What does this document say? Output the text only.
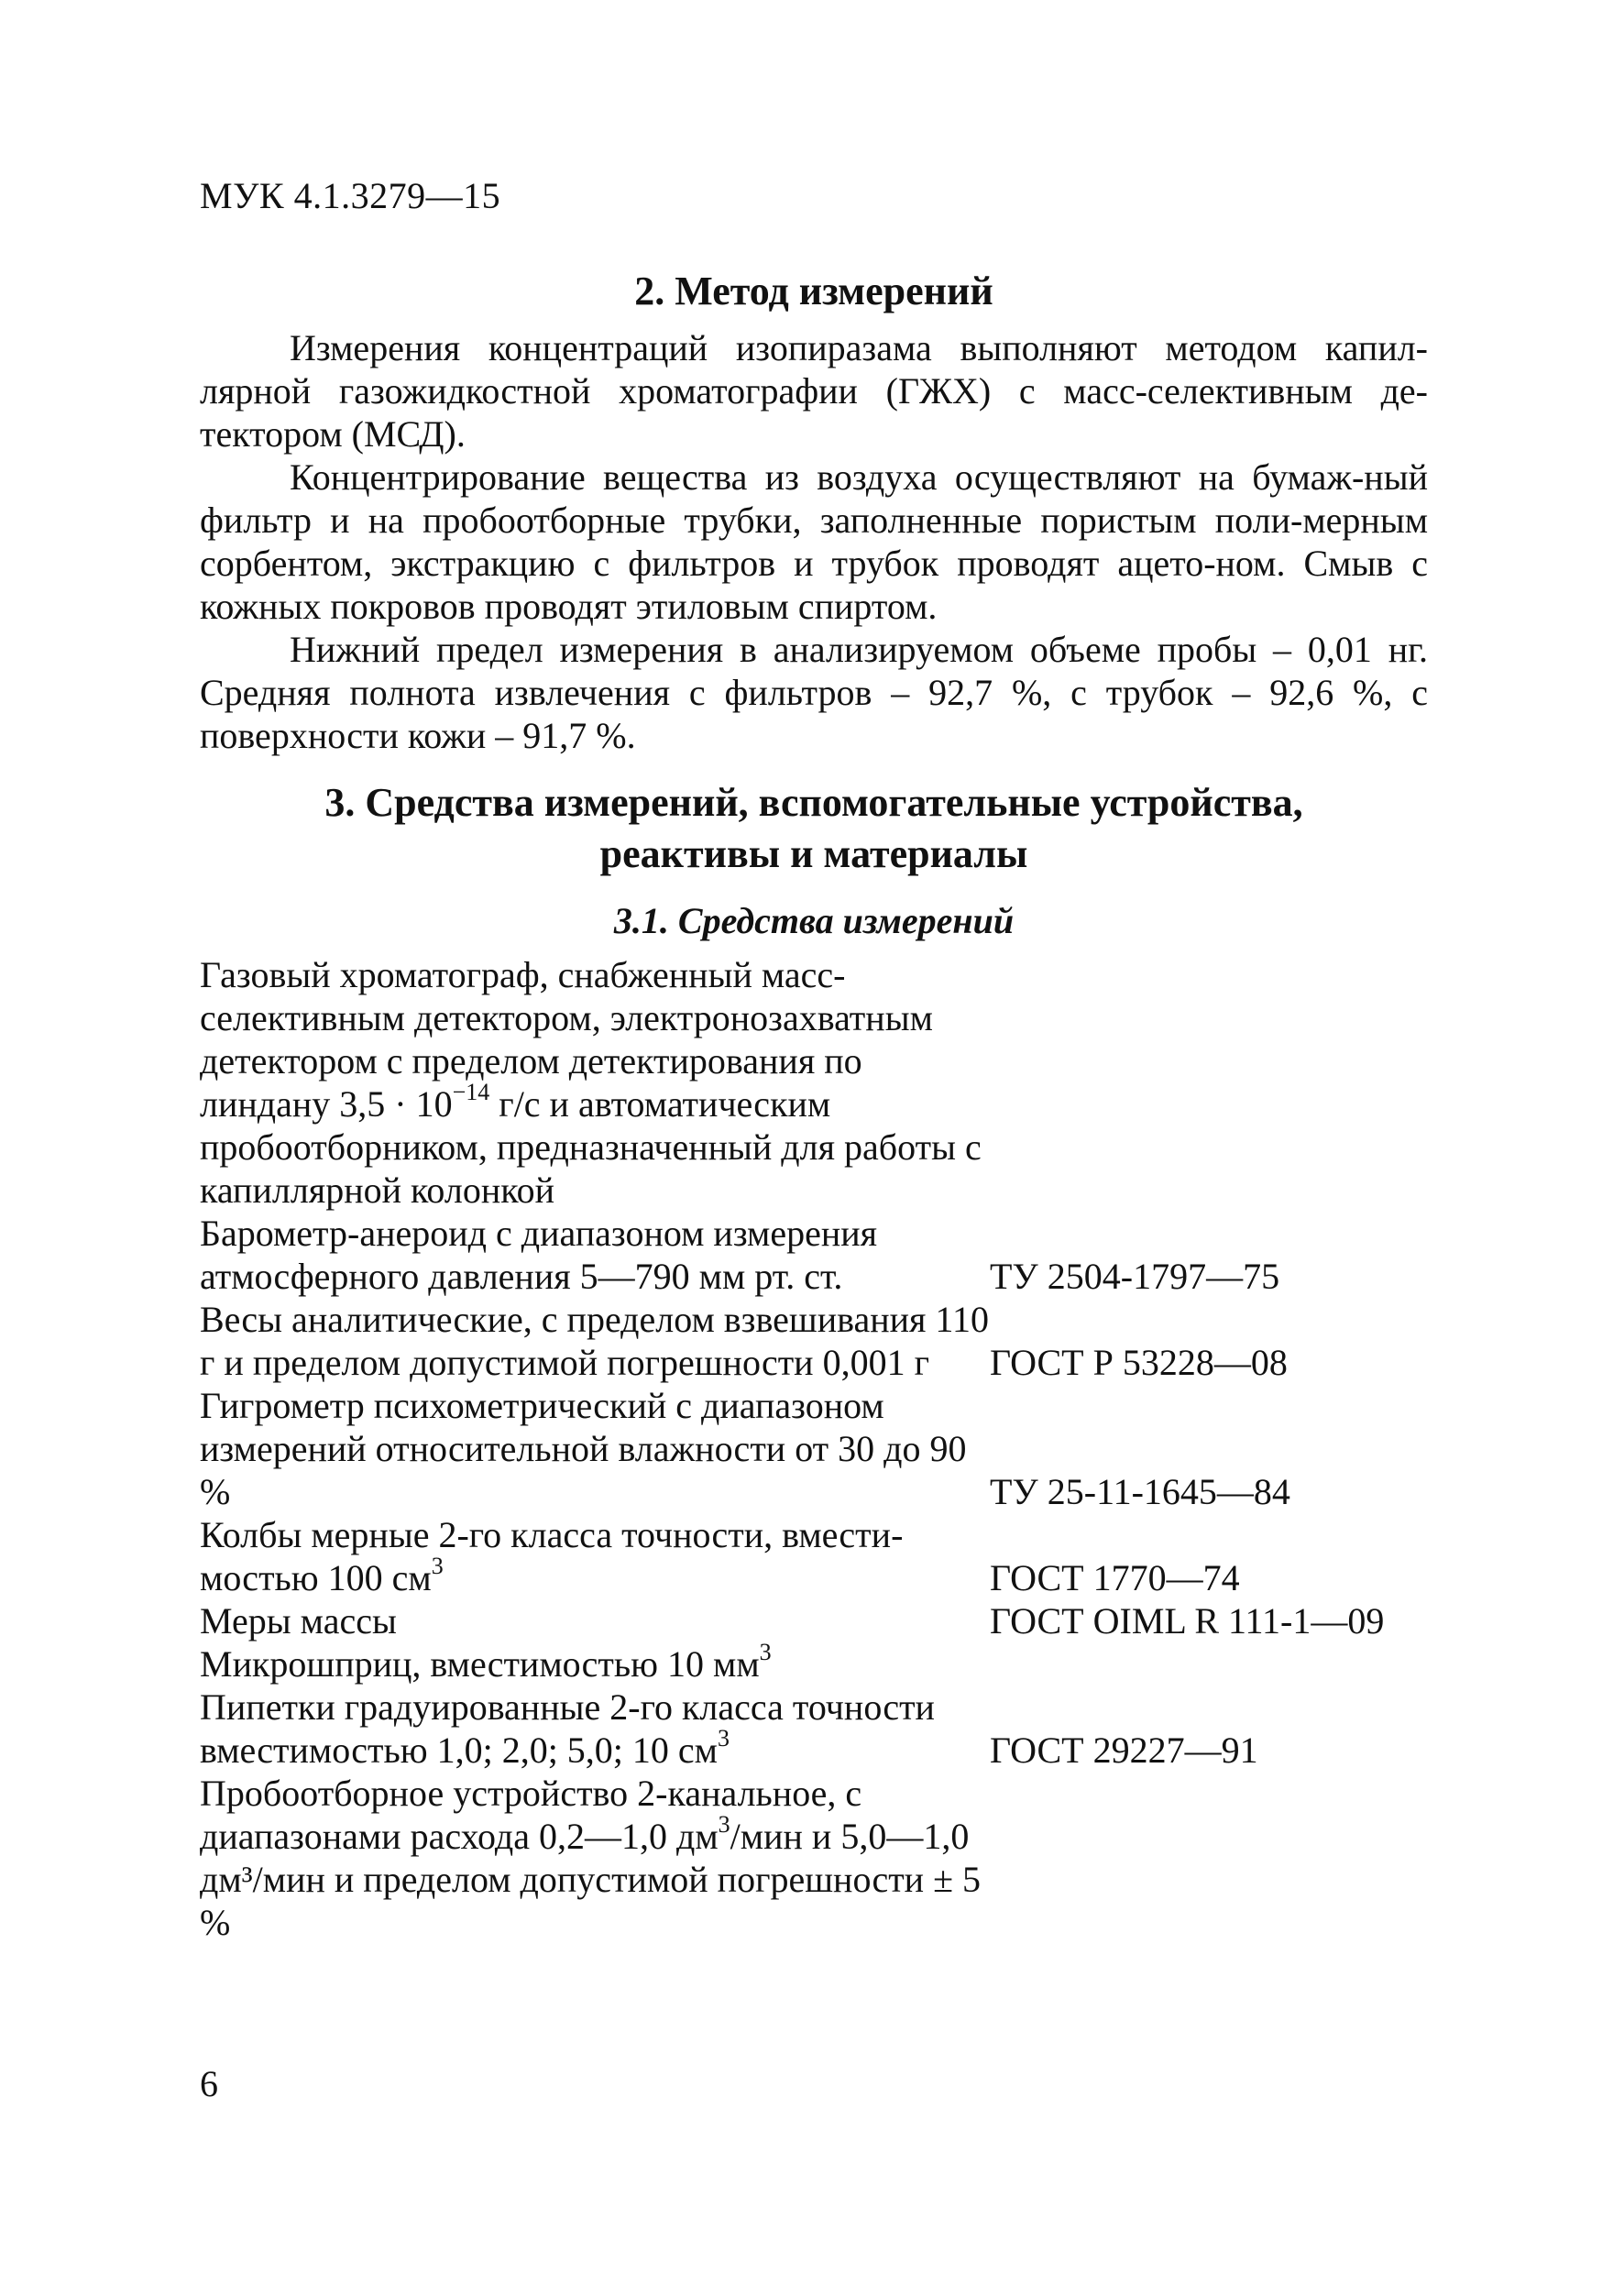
МУК 4.1.3279—15
2. Метод измерений

Измерения концентраций изопиразама выполняют методом капил-лярной газожидкостной хроматографии (ГЖХ) с масс-селективным де-тектором (МСД).

Концентрирование вещества из воздуха осуществляют на бумаж-ный фильтр и на пробоотборные трубки, заполненные пористым поли-мерным сорбентом, экстракцию с фильтров и трубок проводят ацето-ном. Смыв с кожных покровов проводят этиловым спиртом.

Нижний предел измерения в анализируемом объеме пробы – 0,01 нг. Средняя полнота извлечения с фильтров – 92,7 %, с трубок – 92,6 %, с поверхности кожи – 91,7 %.

3. Средства измерений, вспомогательные устройства,
реактивы и материалы
3.1. Средства измерений
Газовый хроматограф, снабженный масс-селективным детектором, электронозахватным детектором с пределом детектирования по линдану $3,5 \cdot 10^{-14}$ г/с и автоматическим пробоотборником, предназначенный для работы с капиллярной колонкой
Барометр-анероид с диапазоном измерения атмосферного давления 5—790 мм рт. ст.	ТУ 2504-1797—75
Весы аналитические, с пределом взвешивания 110 г и пределом допустимой погрешности 0,001 г	ГОСТ Р 53228—08
Гигрометр психометрический с диапазоном измерений относительной влажности от 30 до 90 %	ТУ 25-11-1645—84
Колбы мерные 2-го класса точности, вмести-мостью 100 $см^3$	ГОСТ 1770—74
Меры массы	ГОСТ OIML R 111-1—09
Микрошприц, вместимостью 10 $мм^3$
Пипетки градуированные 2-го класса точности вместимостью 1,0; 2,0; 5,0; 10 $см^3$	ГОСТ 29227—91
Пробоотборное устройство 2-канальное, с диапазонами расхода 0,2—1,0 $дм^3$/мин и 5,0—1,0 дм³/мин и пределом допустимой погрешности ± 5 %
6
